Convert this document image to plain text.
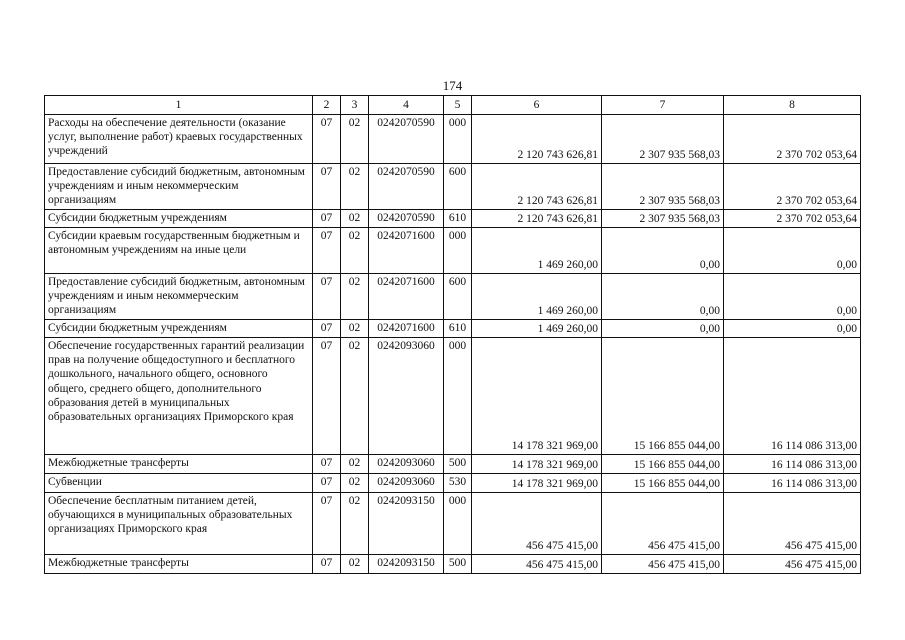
174
1	2	3	4	5	6	7	8
Расходы на обеспечение деятельности (оказание услуг, выполнение работ) краевых государственных учреждений	07	02	0242070590	000	2 120 743 626,81	2 307 935 568,03	2 370 702 053,64
Предоставление субсидий бюджетным, автономным учреждениям и иным некоммерческим организациям	07	02	0242070590	600	2 120 743 626,81	2 307 935 568,03	2 370 702 053,64
Субсидии бюджетным учреждениям	07	02	0242070590	610	2 120 743 626,81	2 307 935 568,03	2 370 702 053,64
Субсидии краевым государственным бюджетным и автономным учреждениям на иные цели	07	02	0242071600	000	1 469 260,00	0,00	0,00
Предоставление субсидий бюджетным, автономным учреждениям и иным некоммерческим организациям	07	02	0242071600	600	1 469 260,00	0,00	0,00
Субсидии бюджетным учреждениям	07	02	0242071600	610	1 469 260,00	0,00	0,00
Обеспечение государственных гарантий реализации прав на получение общедоступного и бесплатного дошкольного, начального общего, основного общего, среднего общего, дополнительного образования детей в муниципальных образовательных организациях Приморского края	07	02	0242093060	000	14 178 321 969,00	15 166 855 044,00	16 114 086 313,00
Межбюджетные трансферты	07	02	0242093060	500	14 178 321 969,00	15 166 855 044,00	16 114 086 313,00
Субвенции	07	02	0242093060	530	14 178 321 969,00	15 166 855 044,00	16 114 086 313,00
Обеспечение бесплатным питанием детей, обучающихся в муниципальных образовательных организациях Приморского края	07	02	0242093150	000	456 475 415,00	456 475 415,00	456 475 415,00
Межбюджетные трансферты	07	02	0242093150	500	456 475 415,00	456 475 415,00	456 475 415,00
